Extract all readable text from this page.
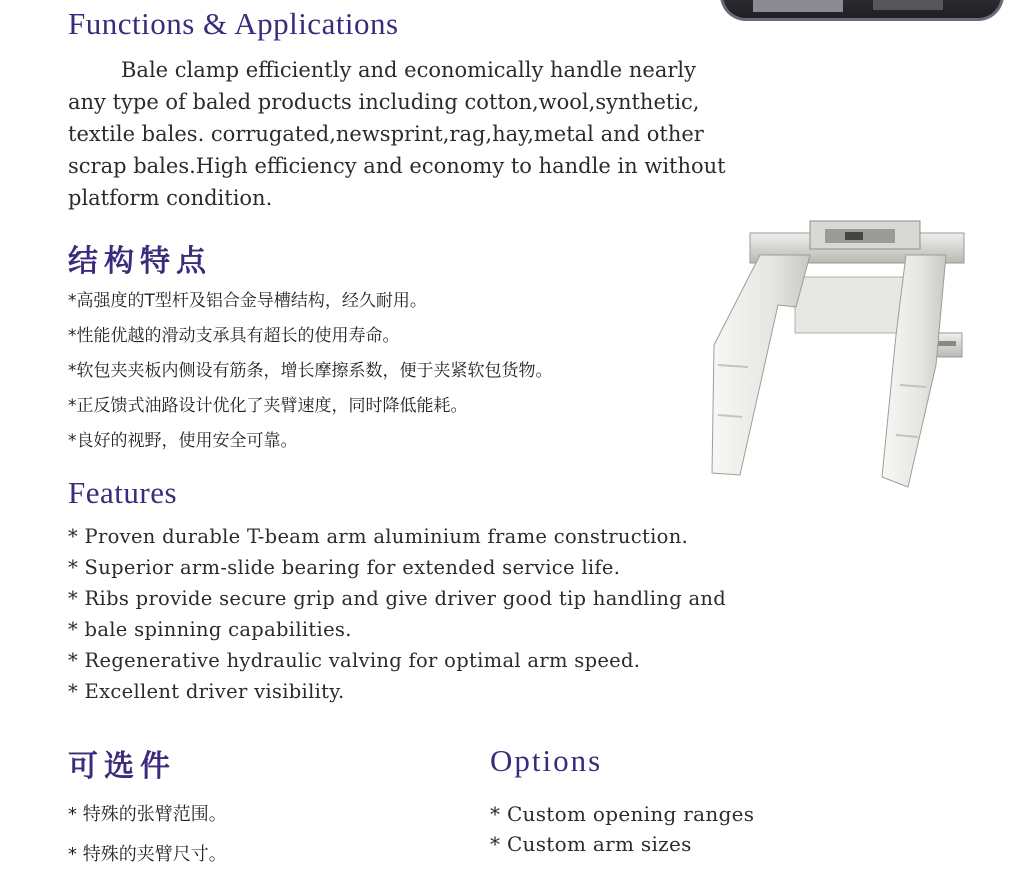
Functions & Applications
Bale clamp efficiently and economically handle nearly
any type of baled products including cotton,wool,synthetic,
textile bales. corrugated,newsprint,rag,hay,metal and other
scrap bales.High efficiency and economy to handle in without
platform condition.
结构特点
*高强度的T型杆及铝合金导槽结构，经久耐用。
*性能优越的滑动支承具有超长的使用寿命。
*软包夹夹板内侧设有筋条，增长摩擦系数，便于夹紧软包货物。
*正反馈式油路设计优化了夹臂速度，同时降低能耗。
*良好的视野，使用安全可靠。
Features
* Proven durable T-beam arm aluminium frame construction.
* Superior arm-slide bearing for extended service life.
* Ribs provide secure grip and give driver good tip handling and
* bale spinning capabilities.
* Regenerative hydraulic valving for optimal arm speed.
* Excellent driver visibility.
可选件
* 特殊的张臂范围。
* 特殊的夹臂尺寸。
Options
* Custom opening ranges
* Custom arm sizes
